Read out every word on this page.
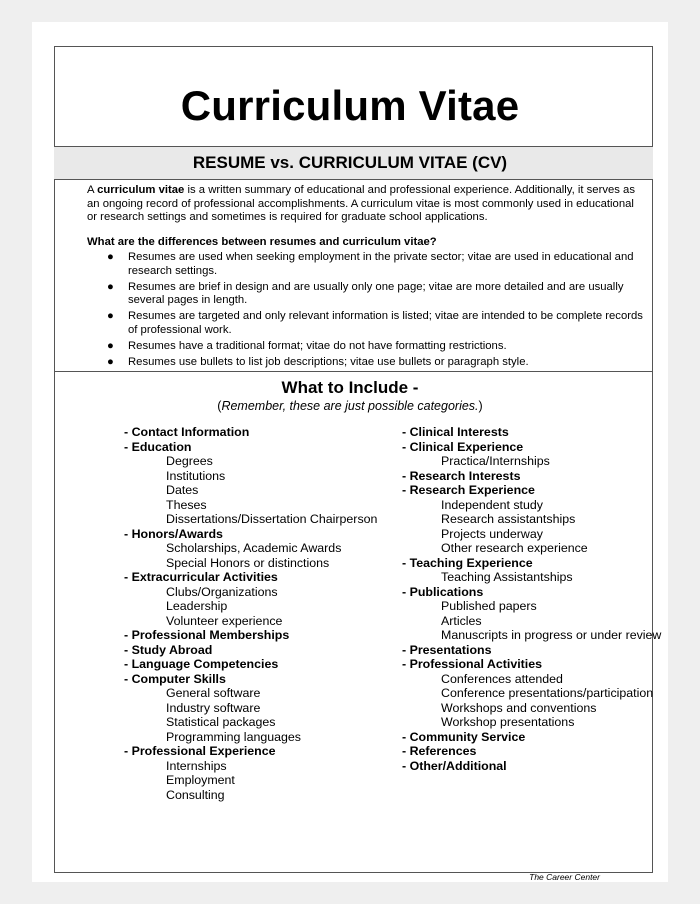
Curriculum Vitae
RESUME vs. CURRICULUM VITAE (CV)
A curriculum vitae is a written summary of educational and professional experience. Additionally, it serves as an ongoing record of professional accomplishments. A curriculum vitae is most commonly used in educational or research settings and sometimes is required for graduate school applications.
What are the differences between resumes and curriculum vitae?
● Resumes are used when seeking employment in the private sector; vitae are used in educational and research settings.
● Resumes are brief in design and are usually only one page; vitae are more detailed and are usually several pages in length.
● Resumes are targeted and only relevant information is listed; vitae are intended to be complete records of professional work.
● Resumes have a traditional format; vitae do not have formatting restrictions.
● Resumes use bullets to list job descriptions; vitae use bullets or paragraph style.
What to Include -
(Remember, these are just possible categories.)
- Contact Information
- Education
Degrees
Institutions
Dates
Theses
Dissertations/Dissertation Chairperson
- Honors/Awards
Scholarships, Academic Awards
Special Honors or distinctions
- Extracurricular Activities
Clubs/Organizations
Leadership
Volunteer experience
- Professional Memberships
- Study Abroad
- Language Competencies
- Computer Skills
General software
Industry software
Statistical packages
Programming languages
- Professional Experience
Internships
Employment
Consulting
- Clinical Interests
- Clinical Experience
Practica/Internships
- Research Interests
- Research Experience
Independent study
Research assistantships
Projects underway
Other research experience
- Teaching Experience
Teaching Assistantships
- Publications
Published papers
Articles
Manuscripts in progress or under review
- Presentations
- Professional Activities
Conferences attended
Conference presentations/participation
Workshops and conventions
Workshop presentations
- Community Service
- References
- Other/Additional
The Career Center
